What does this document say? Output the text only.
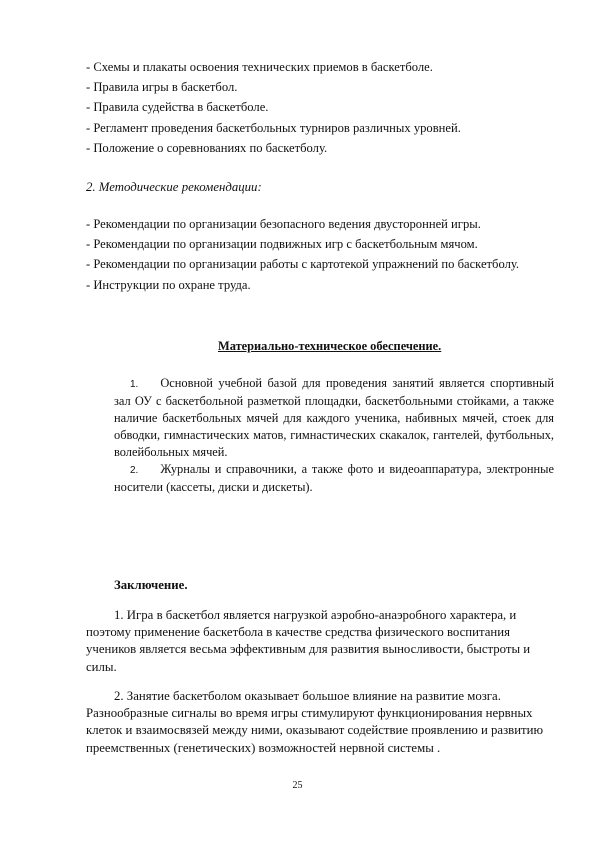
- Схемы и плакаты освоения технических приемов в баскетболе.
- Правила игры в баскетбол.
- Правила судейства в баскетболе.
- Регламент проведения баскетбольных турниров различных уровней.
- Положение о соревнованиях по баскетболу.
2. Методические рекомендации:
- Рекомендации по организации безопасного ведения двусторонней игры.
- Рекомендации по организации подвижных игр с баскетбольным мячом.
- Рекомендации по организации работы с картотекой упражнений по баскетболу.
- Инструкции по охране труда.
Материально-техническое обеспечение.
1. Основной учебной базой для проведения занятий является спортивный зал ОУ с баскетбольной разметкой площадки, баскетбольными стойками, а также наличие баскетбольных мячей для каждого ученика, набивных мячей, стоек для обводки, гимнастических матов, гимнастических скакалок, гантелей, футбольных, волейбольных мячей.
2. Журналы и справочники, а также фото и видеоаппаратура, электронные носители (кассеты, диски и дискеты).
Заключение.
1. Игра в баскетбол является нагрузкой аэробно-анаэробного характера, и поэтому применение баскетбола в качестве средства физического воспитания учеников является весьма эффективным для развития выносливости, быстроты и силы.
2. Занятие баскетболом оказывает большое влияние на развитие мозга. Разнообразные сигналы во время игры стимулируют функционирования нервных клеток и взаимосвязей между ними, оказывают содействие проявлению и развитию преемственных (генетических) возможностей нервной системы .
25
